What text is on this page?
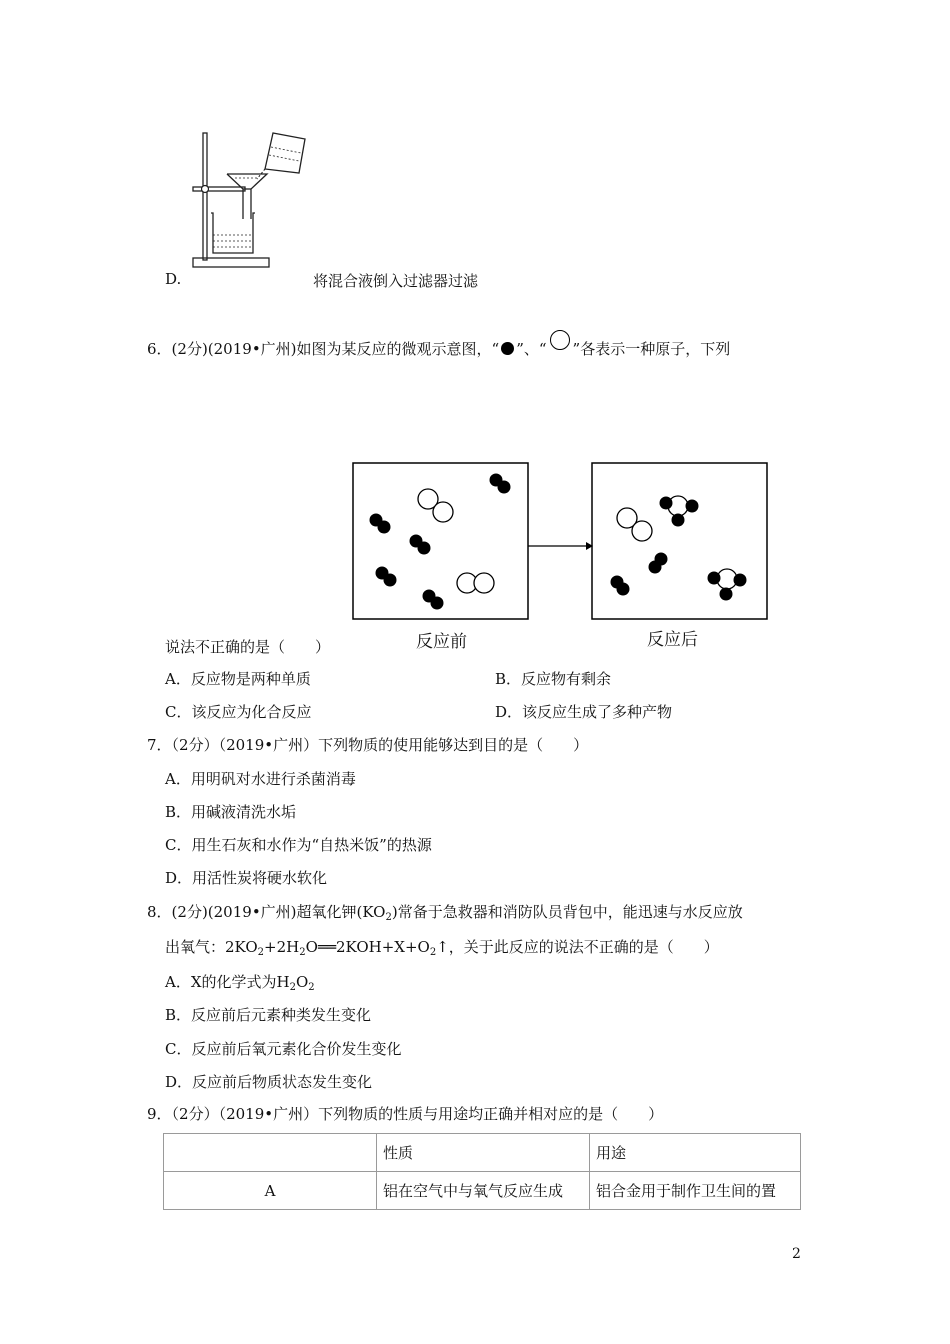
D.	将混合液倒入过滤器过滤
6．(2分)(2019•广州)如图为某反应的微观示意图，“ ”、“ ”各表示一种原子，下列
反应前	反应后
说法不正确的是（　　）
A．反应物是两种单质	B．反应物有剩余
C．该反应为化合反应	D．该反应生成了多种产物
7．（2分）（2019•广州）下列物质的使用能够达到目的是（　　）
A．用明矾对水进行杀菌消毒
B．用碱液清洗水垢
C．用生石灰和水作为“自热米饭”的热源
D．用活性炭将硬水软化
8．(2分)(2019•广州)超氧化钾$(KO_2)$常备于急救器和消防队员背包中，能迅速与水反应放
出氧气：$2KO_2+2H_2O══2KOH+X+O_2↑$，关于此反应的说法不正确的是（　　）
A．X的化学式为$H_2O_2$
B．反应前后元素种类发生变化
C．反应前后氧元素化合价发生变化
D．反应前后物质状态发生变化
9．（2分）（2019•广州）下列物质的性质与用途均正确并相对应的是（　　）
	性质	用途
A	铝在空气中与氧气反应生成	铝合金用于制作卫生间的置
2
